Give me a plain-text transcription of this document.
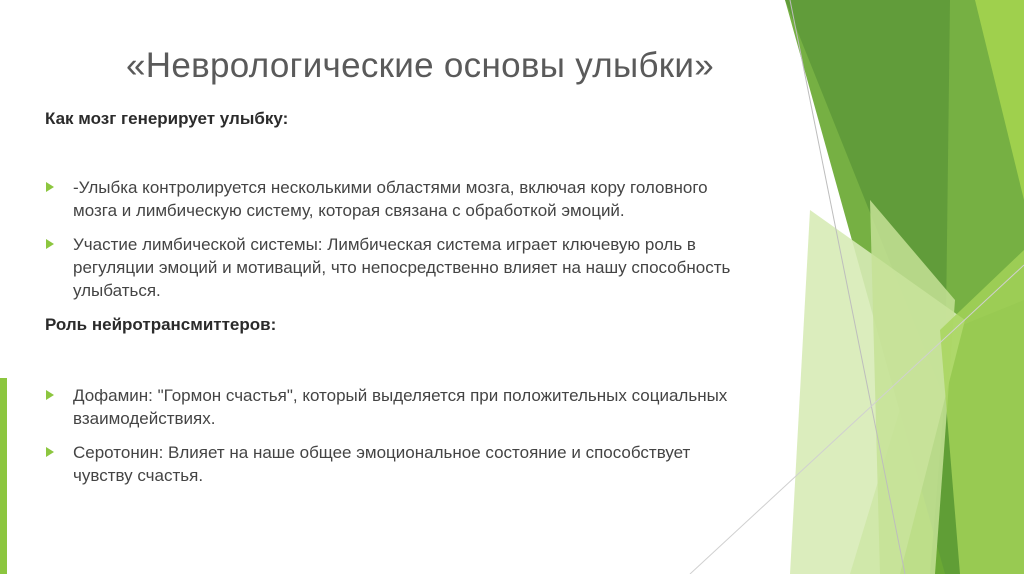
«Неврологические основы улыбки»

Как мозг генерирует улыбку:

-Улыбка контролируется несколькими областями мозга, включая кору головного мозга и лимбическую систему, которая связана с обработкой эмоций.
Участие лимбической системы: Лимбическая система играет ключевую роль в регуляции эмоций и мотиваций, что непосредственно влияет на нашу способность улыбаться.

Роль нейротрансмиттеров:

Дофамин: "Гормон счастья", который выделяется при положительных социальных взаимодействиях.
Серотонин: Влияет на наше общее эмоциональное состояние и способствует чувству счастья.
